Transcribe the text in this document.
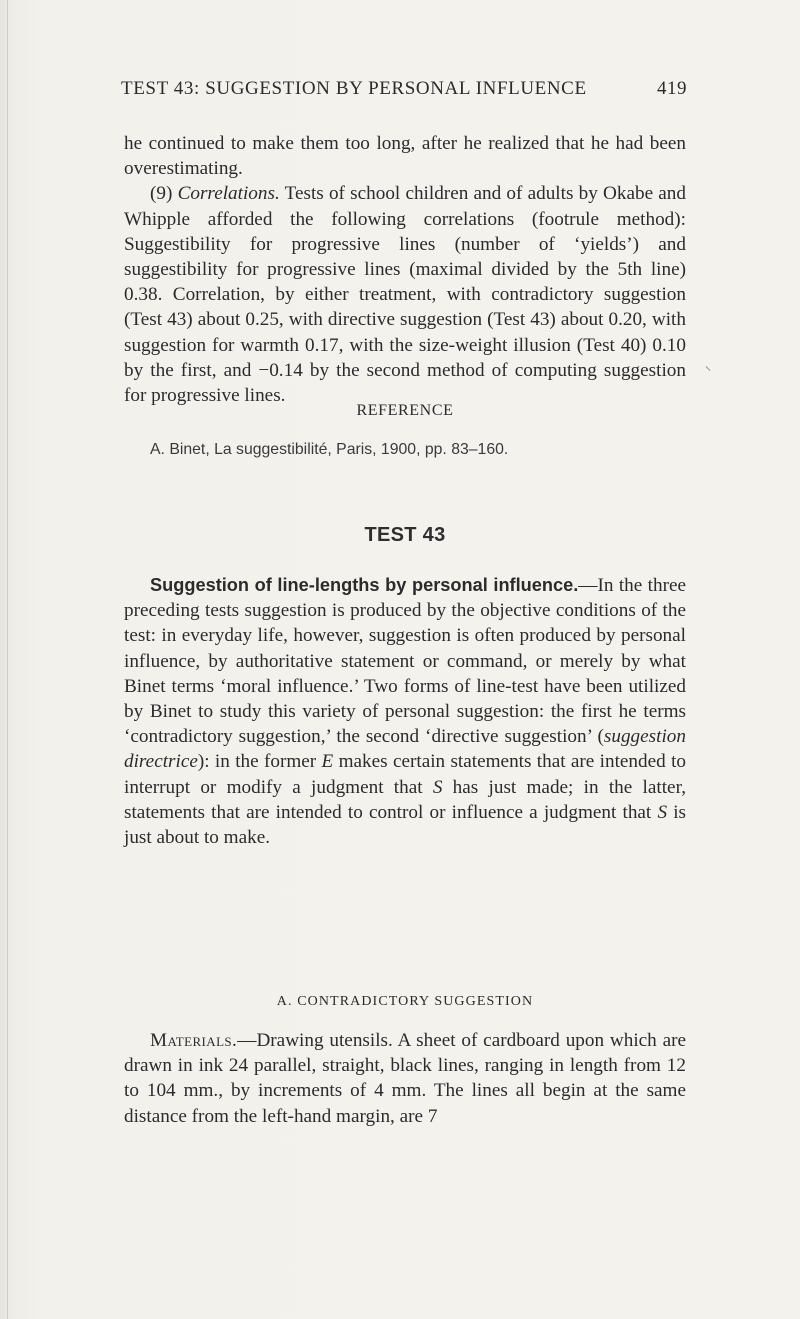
TEST 43: SUGGESTION BY PERSONAL INFLUENCE	419

he continued to make them too long, after he realized that he had been overestimating.

(9) Correlations. Tests of school children and of adults by Okabe and Whipple afforded the following correlations (footrule method): Suggestibility for progressive lines (number of ‘yields’) and suggestibility for progressive lines (maximal divided by the 5th line) 0.38. Correlation, by either treatment, with contradictory suggestion (Test 43) about 0.25, with directive suggestion (Test 43) about 0.20, with suggestion for warmth 0.17, with the size-weight illusion (Test 40) 0.10 by the first, and −0.14 by the second method of computing suggestion for progressive lines.

REFERENCE
A. Binet, La suggestibilité, Paris, 1900, pp. 83–160.
TEST 43

Suggestion of line-lengths by personal influence.—In the three preceding tests suggestion is produced by the objective conditions of the test: in everyday life, however, suggestion is often produced by personal influence, by authoritative statement or command, or merely by what Binet terms ‘moral influence.’ Two forms of line-test have been utilized by Binet to study this variety of personal suggestion: the first he terms ‘contradictory suggestion,’ the second ‘directive suggestion’ (suggestion directrice): in the former E makes certain statements that are intended to interrupt or modify a judgment that S has just made; in the latter, statements that are intended to control or influence a judgment that S is just about to make.

A. CONTRADICTORY SUGGESTION

Materials.—Drawing utensils. A sheet of cardboard upon which are drawn in ink 24 parallel, straight, black lines, ranging in length from 12 to 104 mm., by increments of 4 mm. The lines all begin at the same distance from the left-hand margin, are 7
